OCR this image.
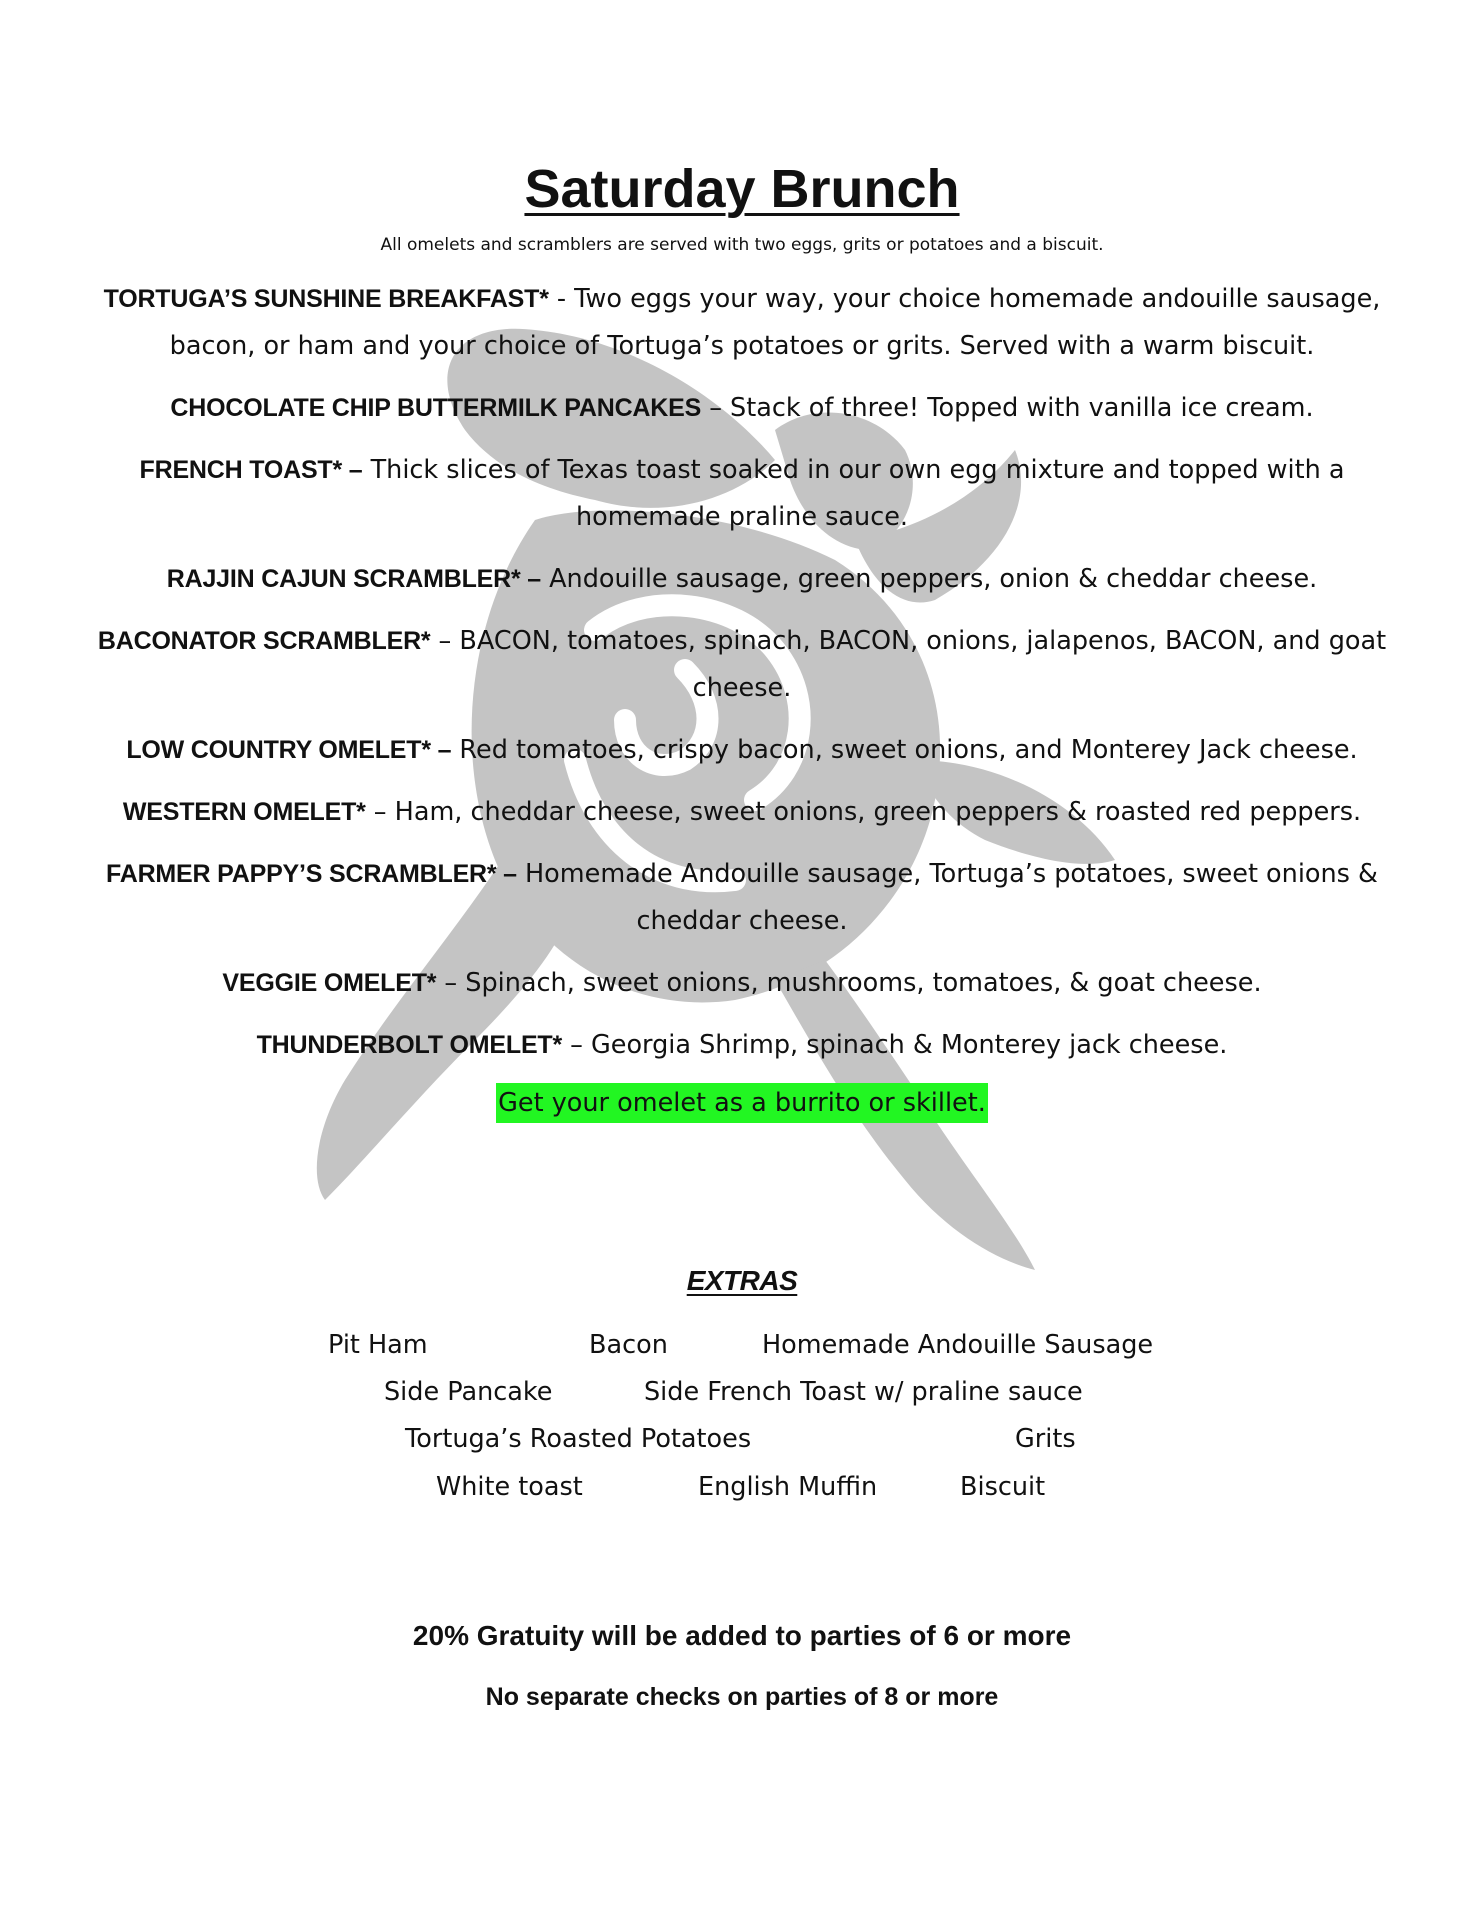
Saturday Brunch

All omelets and scramblers are served with two eggs, grits or potatoes and a biscuit.

TORTUGA’S SUNSHINE BREAKFAST* - Two eggs your way, your choice homemade andouille sausage, bacon, or ham and your choice of Tortuga’s potatoes or grits. Served with a warm biscuit.

CHOCOLATE CHIP BUTTERMILK PANCAKES – Stack of three! Topped with vanilla ice cream.

FRENCH TOAST* – Thick slices of Texas toast soaked in our own egg mixture and topped with a homemade praline sauce.

RAJJIN CAJUN SCRAMBLER* – Andouille sausage, green peppers, onion & cheddar cheese.

BACONATOR SCRAMBLER* – BACON, tomatoes, spinach, BACON, onions, jalapenos, BACON, and goat cheese.

LOW COUNTRY OMELET* – Red tomatoes, crispy bacon, sweet onions, and Monterey Jack cheese.

WESTERN OMELET* – Ham, cheddar cheese, sweet onions, green peppers & roasted red peppers.

FARMER PAPPY’S SCRAMBLER* – Homemade Andouille sausage, Tortuga’s potatoes, sweet onions & cheddar cheese.

VEGGIE OMELET* – Spinach, sweet onions, mushrooms, tomatoes, & goat cheese.

THUNDERBOLT OMELET* – Georgia Shrimp, spinach & Monterey jack cheese.

Get your omelet as a burrito or skillet.
EXTRAS
Pit Ham	Bacon	Homemade Andouille Sausage
Side Pancake	Side French Toast w/ praline sauce
Tortuga’s Roasted Potatoes	Grits
White toast	English Muffin	Biscuit

20% Gratuity will be added to parties of 6 or more

No separate checks on parties of 8 or more
